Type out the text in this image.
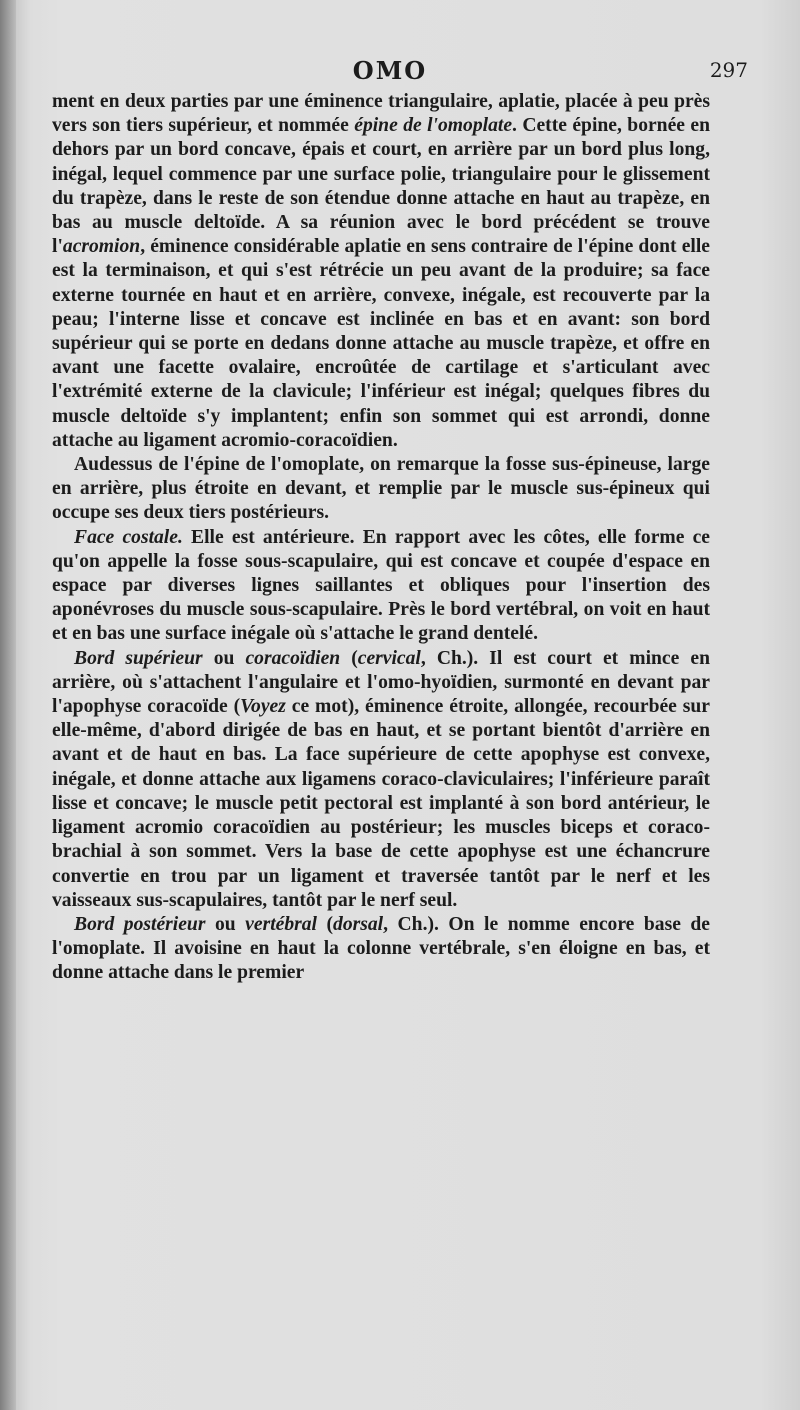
OMO	297

ment en deux parties par une éminence triangulaire, aplatie, placée à peu près vers son tiers supérieur, et nommée épine de l'omoplate. Cette épine, bornée en dehors par un bord concave, épais et court, en arrière par un bord plus long, inégal, lequel commence par une surface polie, triangulaire pour le glissement du trapèze, dans le reste de son étendue donne attache en haut au trapèze, en bas au muscle deltoïde. A sa réunion avec le bord précédent se trouve l'acromion, éminence considérable aplatie en sens contraire de l'épine dont elle est la terminaison, et qui s'est rétrécie un peu avant de la produire; sa face externe tournée en haut et en arrière, convexe, inégale, est recouverte par la peau; l'interne lisse et concave est inclinée en bas et en avant: son bord supérieur qui se porte en dedans donne attache au muscle trapèze, et offre en avant une facette ovalaire, encroûtée de cartilage et s'articulant avec l'extrémité externe de la clavicule; l'inférieur est inégal; quelques fibres du muscle deltoïde s'y implantent; enfin son sommet qui est arrondi, donne attache au ligament acromio-coracoïdien.

Audessus de l'épine de l'omoplate, on remarque la fosse sus-épineuse, large en arrière, plus étroite en devant, et remplie par le muscle sus-épineux qui occupe ses deux tiers postérieurs.

Face costale. Elle est antérieure. En rapport avec les côtes, elle forme ce qu'on appelle la fosse sous-scapulaire, qui est concave et coupée d'espace en espace par diverses lignes saillantes et obliques pour l'insertion des aponévroses du muscle sous-scapulaire. Près le bord vertébral, on voit en haut et en bas une surface inégale où s'attache le grand dentelé.

Bord supérieur ou coracoïdien (cervical, Ch.). Il est court et mince en arrière, où s'attachent l'angulaire et l'omo-hyoïdien, surmonté en devant par l'apophyse coracoïde (Voyez ce mot), éminence étroite, allongée, recourbée sur elle-même, d'abord dirigée de bas en haut, et se portant bientôt d'arrière en avant et de haut en bas. La face supérieure de cette apophyse est convexe, inégale, et donne attache aux ligamens coraco-claviculaires; l'inférieure paraît lisse et concave; le muscle petit pectoral est implanté à son bord antérieur, le ligament acromio coracoïdien au postérieur; les muscles biceps et coraco-brachial à son sommet. Vers la base de cette apophyse est une échancrure convertie en trou par un ligament et traversée tantôt par le nerf et les vaisseaux sus-scapulaires, tantôt par le nerf seul.

Bord postérieur ou vertébral (dorsal, Ch.). On le nomme encore base de l'omoplate. Il avoisine en haut la colonne vertébrale, s'en éloigne en bas, et donne attache dans le premier
